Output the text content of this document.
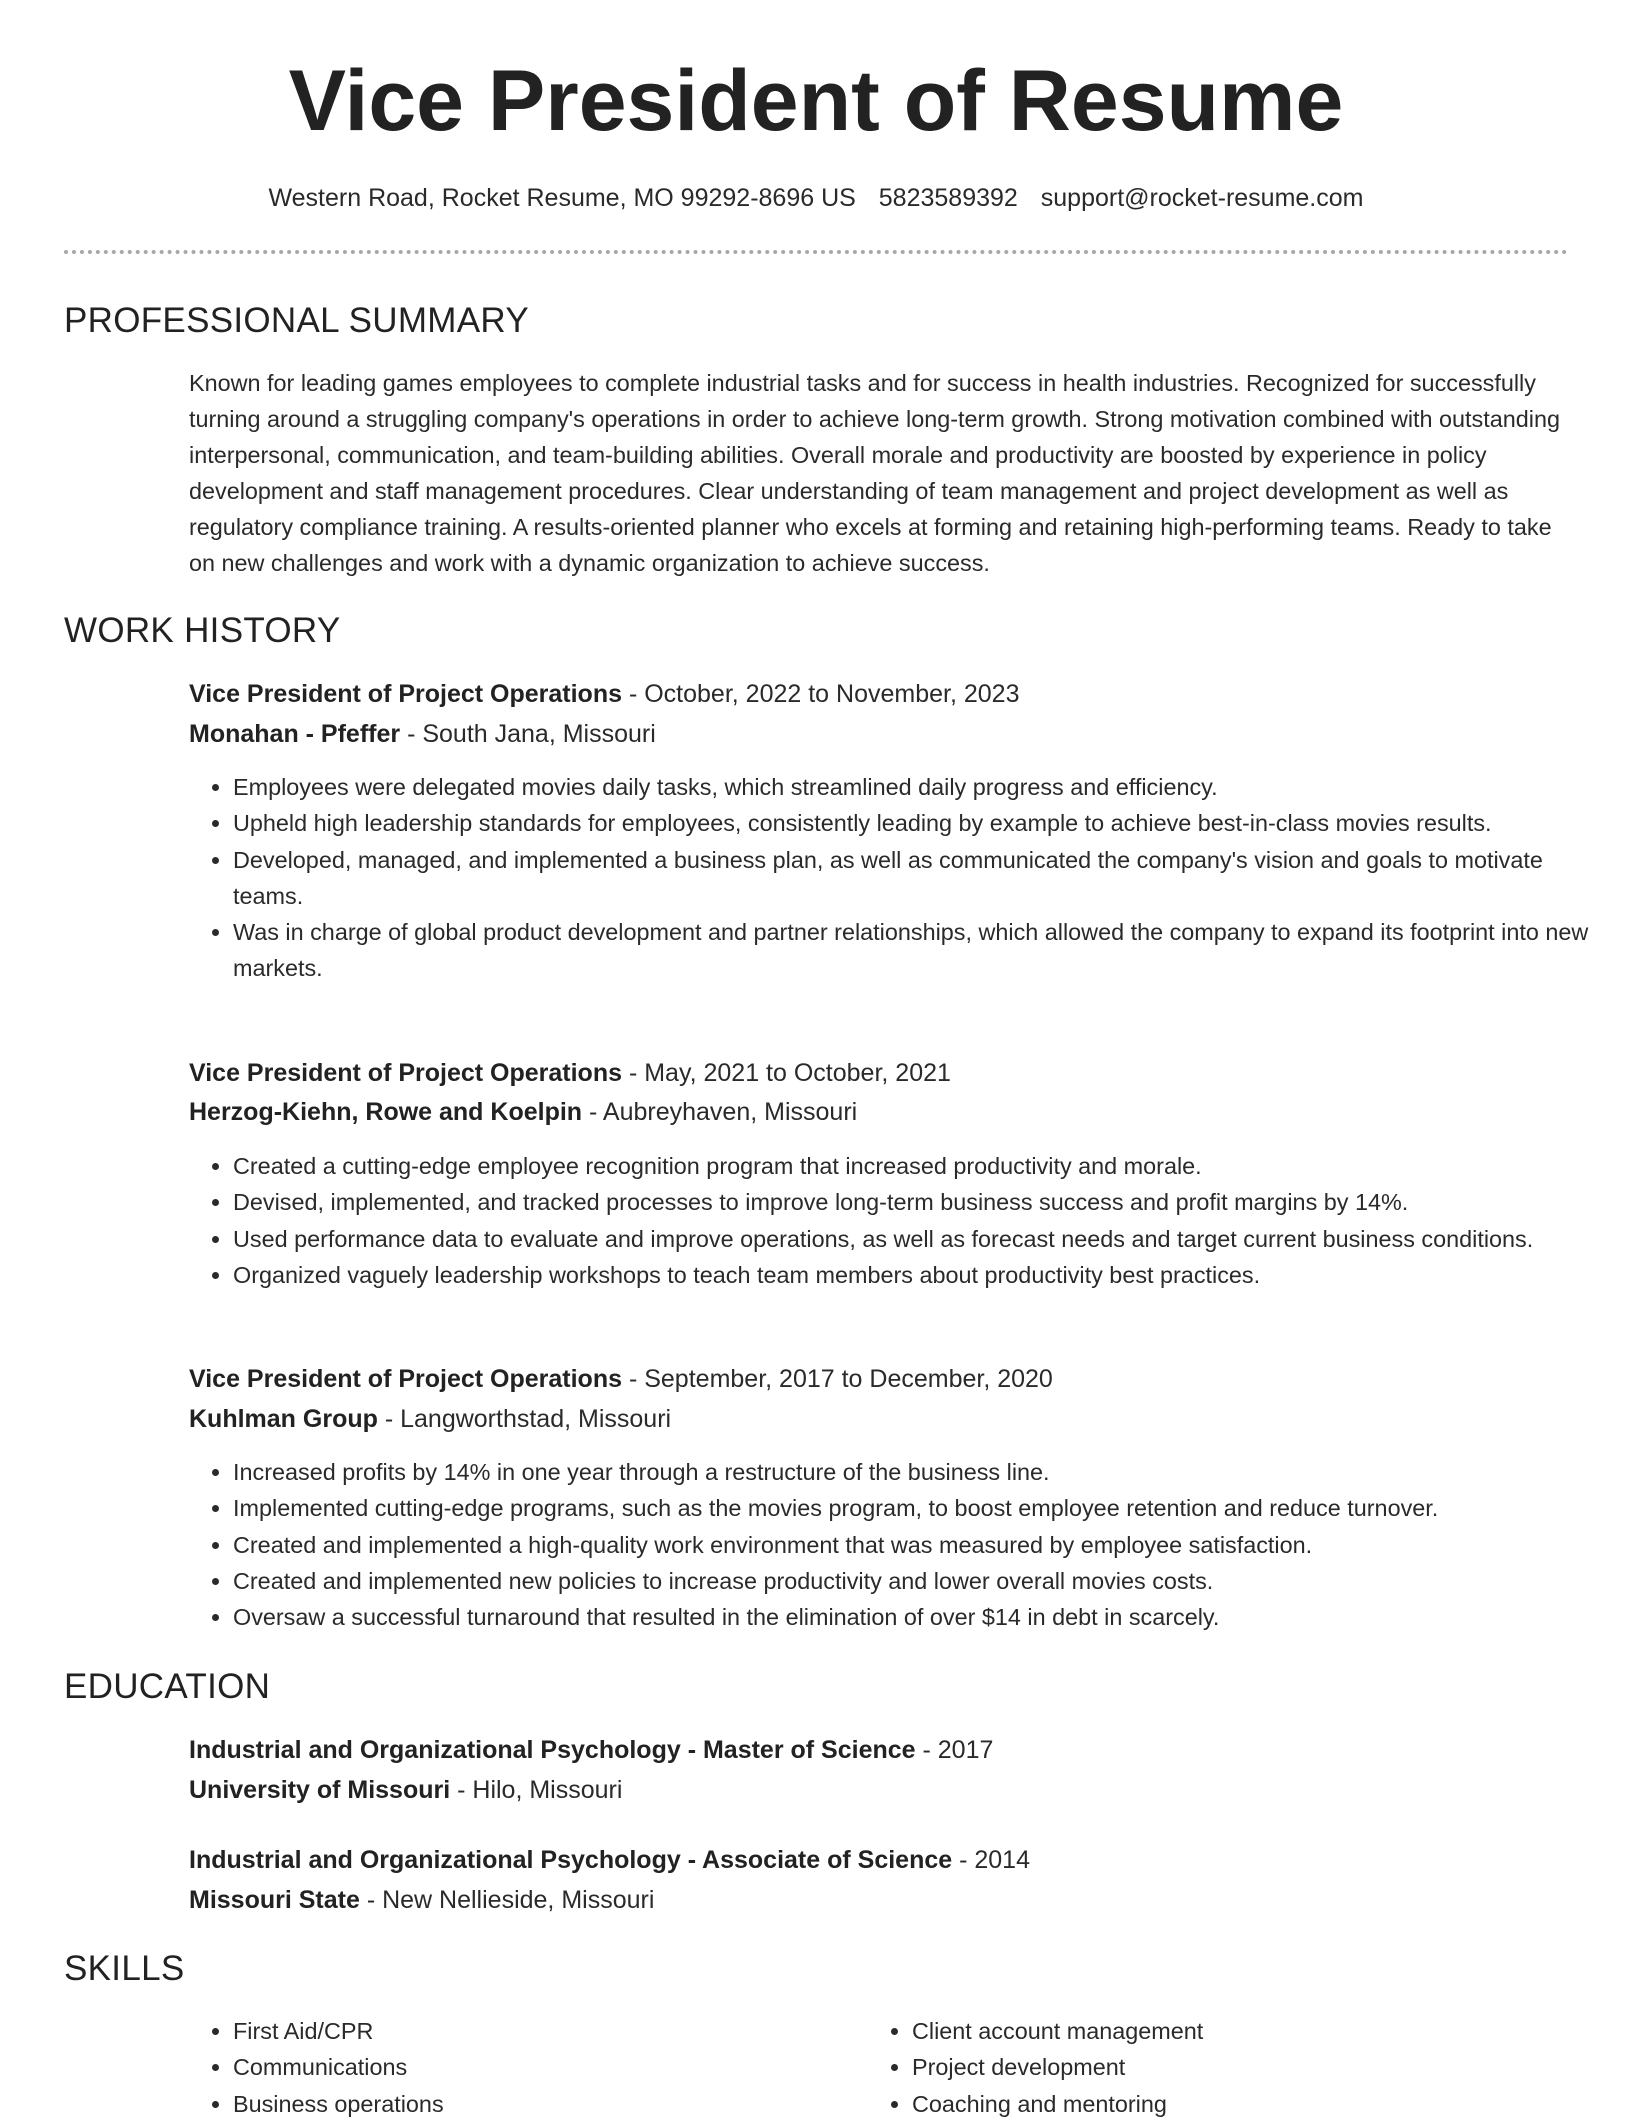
Vice President of Resume
Western Road, Rocket Resume, MO 99292-8696 US 5823589392 support@rocket-resume.com
PROFESSIONAL SUMMARY

Known for leading games employees to complete industrial tasks and for success in health industries. Recognized for successfully turning around a struggling company's operations in order to achieve long-term growth. Strong motivation combined with outstanding interpersonal, communication, and team-building abilities. Overall morale and productivity are boosted by experience in policy development and staff management procedures. Clear understanding of team management and project development as well as regulatory compliance training. A results-oriented planner who excels at forming and retaining high-performing teams. Ready to take on new challenges and work with a dynamic organization to achieve success.

WORK HISTORY
Vice President of Project Operations - October, 2022 to November, 2023
Monahan - Pfeffer - South Jana, Missouri
• Employees were delegated movies daily tasks, which streamlined daily progress and efficiency.
• Upheld high leadership standards for employees, consistently leading by example to achieve best-in-class movies results.
• Developed, managed, and implemented a business plan, as well as communicated the company's vision and goals to motivate teams.
• Was in charge of global product development and partner relationships, which allowed the company to expand its footprint into new markets.
Vice President of Project Operations - May, 2021 to October, 2021
Herzog-Kiehn, Rowe and Koelpin - Aubreyhaven, Missouri
• Created a cutting-edge employee recognition program that increased productivity and morale.
• Devised, implemented, and tracked processes to improve long-term business success and profit margins by 14%.
• Used performance data to evaluate and improve operations, as well as forecast needs and target current business conditions.
• Organized vaguely leadership workshops to teach team members about productivity best practices.
Vice President of Project Operations - September, 2017 to December, 2020
Kuhlman Group - Langworthstad, Missouri
• Increased profits by 14% in one year through a restructure of the business line.
• Implemented cutting-edge programs, such as the movies program, to boost employee retention and reduce turnover.
• Created and implemented a high-quality work environment that was measured by employee satisfaction.
• Created and implemented new policies to increase productivity and lower overall movies costs.
• Oversaw a successful turnaround that resulted in the elimination of over $14 in debt in scarcely.
EDUCATION
Industrial and Organizational Psychology - Master of Science - 2017
University of Missouri - Hilo, Missouri
Industrial and Organizational Psychology - Associate of Science - 2014
Missouri State - New Nellieside, Missouri
SKILLS
• First Aid/CPR
• Communications
• Business operations
• Client account management
• Project development
• Coaching and mentoring
